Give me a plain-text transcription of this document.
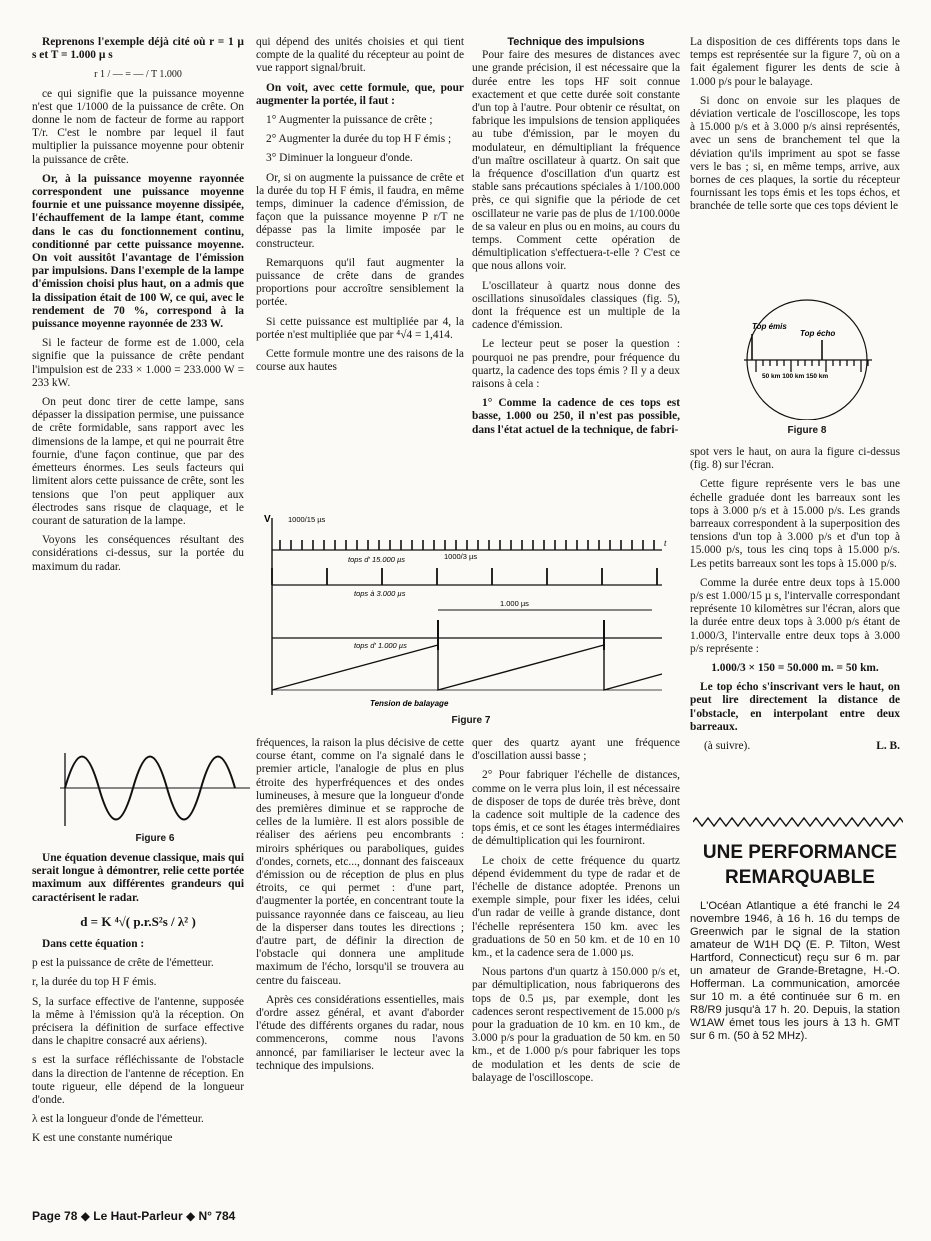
Reprenons l'exemple déjà cité où r = 1 µ s et T = 1.000 µ s

r 1 / — = — / T 1.000

ce qui signifie que la puissance moyenne n'est que 1/1000 de la puissance de crête. On donne le nom de facteur de forme au rapport T/r. C'est le nombre par lequel il faut multiplier la puissance moyenne pour obtenir la puissance de crête.

Or, à la puissance moyenne rayonnée correspondent une puissance moyenne fournie et une puissance moyenne dissipée, l'échauffement de la lampe étant, comme dans le cas du fonctionnement continu, conditionné par cette puissance moyenne. On voit aussitôt l'avantage de l'émission par impulsions. Dans l'exemple de la lampe d'émission choisi plus haut, on a admis que la dissipation était de 100 W, ce qui, avec le rendement de 70 %, correspond à la puissance moyenne rayonnée de 233 W.

Si le facteur de forme est de 1.000, cela signifie que la puissance de crête pendant l'impulsion est de 233 × 1.000 = 233.000 W = 233 kW.

On peut donc tirer de cette lampe, sans dépasser la dissipation permise, une puissance de crête formidable, sans rapport avec les dimensions de la lampe, et qui ne pourrait être fournie, d'une façon continue, que par des émetteurs énormes. Les seuls facteurs qui limitent alors cette puissance de crête, sont les tensions que l'on peut appliquer aux électrodes sans risque de claquage, et le courant de saturation de la lampe.

Voyons les conséquences résultant des considérations ci-dessus, sur la portée du maximum du radar.

Figure 6

Une équation devenue classique, mais qui serait longue à démontrer, relie cette portée maximum aux différentes grandeurs qui caractérisent le radar.

d = K ⁴√( p.r.S²s / λ² )

Dans cette équation :

p est la puissance de crête de l'émetteur.

r, la durée du top H F émis.

S, la surface effective de l'antenne, supposée la même à l'émission qu'à la réception. On précisera la définition de surface effective dans le chapitre consacré aux aériens).

s est la surface réfléchissante de l'obstacle dans la direction de l'antenne de réception. En toute rigueur, elle dépend de la longueur d'onde.

λ est la longueur d'onde de l'émetteur.

K est une constante numérique

qui dépend des unités choisies et qui tient compte de la qualité du récepteur au point de vue rapport signal/bruit.

On voit, avec cette formule, que, pour augmenter la portée, il faut :

1° Augmenter la puissance de crête ;

2° Augmenter la durée du top H F émis ;

3° Diminuer la longueur d'onde.

Or, si on augmente la puissance de crête et la durée du top H F émis, il faudra, en même temps, diminuer la cadence d'émission, de façon que la puissance moyenne P r/T ne dépasse pas la limite imposée par le constructeur.

Remarquons qu'il faut augmenter la puissance de crête dans de grandes proportions pour accroître sensiblement la portée.

Si cette puissance est multipliée par 4, la portée n'est multipliée que par ⁴√4 = 1,414.

Cette formule montre une des raisons de la course aux hautes

Technique des impulsions

Pour faire des mesures de distances avec une grande précision, il est nécessaire que la durée entre les tops HF soit connue exactement et que cette durée soit constante d'un top à l'autre. Pour obtenir ce résultat, on fabrique les impulsions de tension appliquées au tube d'émission, par le moyen du modulateur, en démultipliant la fréquence d'un maître oscillateur à quartz. On sait que la fréquence d'oscillation d'un quartz est stable sans précautions spéciales à 1/100.000 près, ce qui signifie que la période de cet oscillateur ne varie pas de plus de 1/100.000e de sa valeur en plus ou en moins, au cours du temps. Comment cette opération de démultiplication s'effectuera-t-elle ? C'est ce que nous allons voir.

L'oscillateur à quartz nous donne des oscillations sinusoïdales classiques (fig. 5), dont la fréquence est un multiple de la cadence d'émission.

Le lecteur peut se poser la question : pourquoi ne pas prendre, pour fréquence du quartz, la cadence des tops émis ? Il y a deux raisons à cela :

1° Comme la cadence de ces tops est basse, 1.000 ou 250, il n'est pas possible, dans l'état actuel de la technique, de fabri-

V
t
1000/15 µs
tops d' 15.000 µs	1000/3 µs
tops à 3.000 µs
1.000 µs
tops d' 1.000 µs
Tension de balayage
Figure 7

fréquences, la raison la plus décisive de cette course étant, comme on l'a signalé dans le premier article, l'analogie de plus en plus étroite des hyperfréquences et des ondes lumineuses, à mesure que la longueur d'onde des premières diminue et se rapproche de celles de la lumière. Il est alors possible de réaliser des aériens peu encombrants : miroirs sphériques ou paraboliques, guides d'ondes, cornets, etc..., donnant des faisceaux d'émission ou de réception de plus en plus étroits, ce qui permet : d'une part, d'augmenter la portée, en concentrant toute la puissance rayonnée dans ce faisceau, au lieu de la disperser dans toutes les directions ; d'autre part, de définir la direction de l'obstacle qui donnera une amplitude maximum de l'écho, lorsqu'il se trouvera au centre du faisceau.

Après ces considérations essentielles, mais d'ordre assez général, et avant d'aborder l'étude des différents organes du radar, nous commencerons, comme nous l'avons annoncé, par familiariser le lecteur avec la technique des impulsions.

quer des quartz ayant une fréquence d'oscillation aussi basse ;

2° Pour fabriquer l'échelle de distances, comme on le verra plus loin, il est nécessaire de disposer de tops de durée très brève, dont la cadence soit multiple de la cadence des tops émis, et ce sont les étages intermédiaires de démultiplication qui les fourniront.

Le choix de cette fréquence du quartz dépend évidemment du type de radar et de l'échelle de distance adoptée. Prenons un exemple simple, pour fixer les idées, celui d'un radar de veille à grande distance, dont l'échelle représentera 150 km. avec les graduations de 50 en 50 km. et de 10 en 10 km., et la cadence sera de 1.000 µs.

Nous partons d'un quartz à 150.000 p/s et, par démultiplication, nous fabriquerons des tops de 0.5 µs, par exemple, dont les cadences seront respectivement de 15.000 p/s pour la graduation de 10 km. en 10 km., de 3.000 p/s pour la graduation de 50 km. en 50 km., et de 1.000 p/s pour fabriquer les tops de modulation et les dents de scie de balayage de l'oscilloscope.

La disposition de ces différents tops dans le temps est représentée sur la figure 7, où on a fait également figurer les dents de scie à 1.000 p/s pour le balayage.

Si donc on envoie sur les plaques de déviation verticale de l'oscilloscope, les tops à 15.000 p/s et à 3.000 p/s ainsi représentés, avec un sens de branchement tel que la déviation qu'ils impriment au spot se fasse vers le bas ; si, en même temps, arrive, aux bornes de ces plaques, la sortie du récepteur fournissant les tops émis et les tops échos, et branchée de telle sorte que ces tops dévient le

Top émis
Top écho
50 km 100 km 150 km
Figure 8

spot vers le haut, on aura la figure ci-dessus (fig. 8) sur l'écran.

Cette figure représente vers le bas une échelle graduée dont les barreaux sont les tops à 3.000 p/s et à 15.000 p/s. Les grands barreaux correspondent à la superposition des tensions d'un top à 3.000 p/s et d'un top à 15.000 p/s, tous les cinq tops à 15.000 p/s. Les petits barreaux sont les tops à 15.000 p/s.

Comme la durée entre deux tops à 15.000 p/s est 1.000/15 µ s, l'intervalle correspondant représente 10 kilomètres sur l'écran, alors que la durée entre deux tops à 3.000 p/s étant de 1.000/3, l'intervalle entre deux tops à 3.000 p/s représente :

1.000/3 × 150 = 50.000 m. = 50 km.

Le top écho s'inscrivant vers le haut, on peut lire directement la distance de l'obstacle, en interpolant entre deux barreaux.

(à suivre).	L. B.

UNE PERFORMANCE REMARQUABLE

L'Océan Atlantique a été franchi le 24 novembre 1946, à 16 h. 16 du temps de Greenwich par le signal de la station amateur de W1H DQ (E. P. Tilton, West Hartford, Connecticut) reçu sur 6 m. par un amateur de Grande-Bretagne, H.-O. Hofferman. La communication, amorcée sur 10 m. a été continuée sur 6 m. en R8/R9 jusqu'à 17 h. 20. Depuis, la station W1AW émet tous les jours à 13 h. GMT sur 6 m. (50 à 52 MHz).

Page 78 ◆ Le Haut-Parleur ◆ N° 784
